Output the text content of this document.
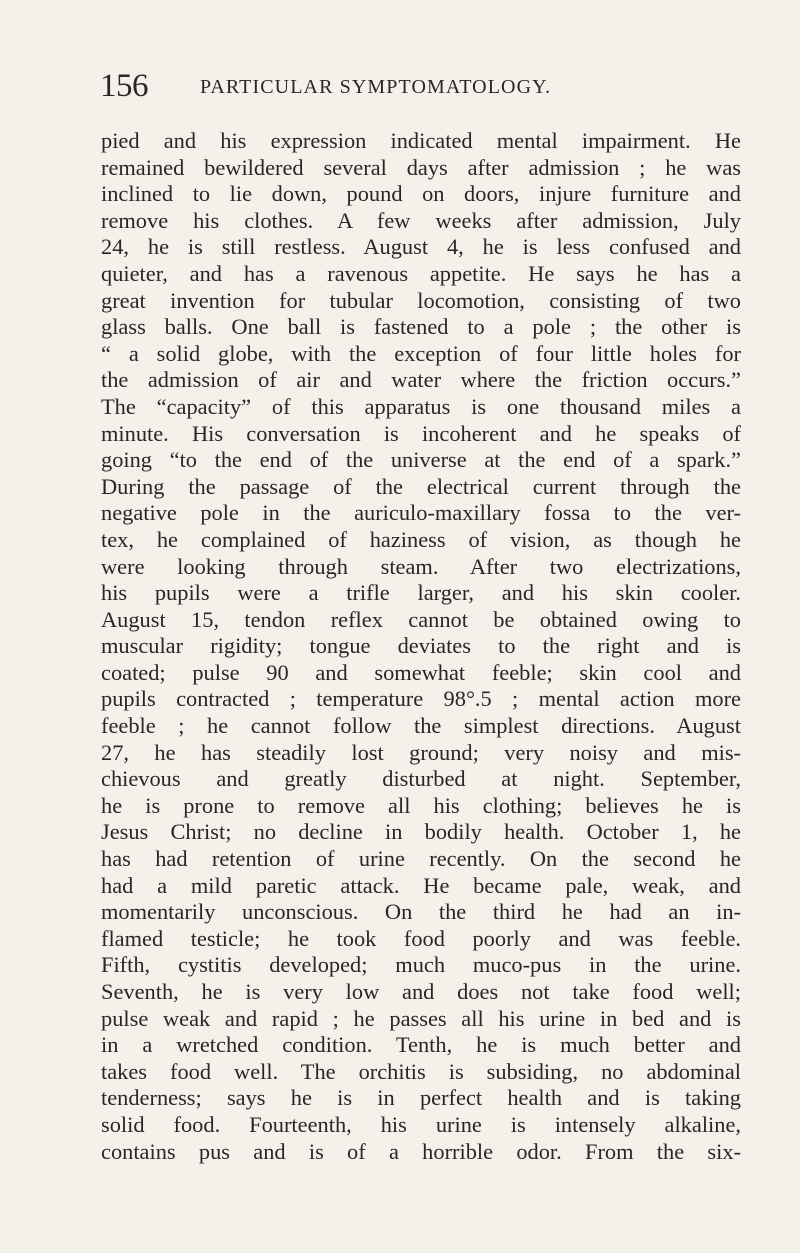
156	PARTICULAR SYMPTOMATOLOGY.
pied and his expression indicated mental impairment. He
remained bewildered several days after admission ; he was
inclined to lie down, pound on doors, injure furniture and
remove his clothes. A few weeks after admission, July
24, he is still restless. August 4, he is less confused and
quieter, and has a ravenous appetite. He says he has a
great invention for tubular locomotion, consisting of two
glass balls. One ball is fastened to a pole ; the other is
“ a solid globe, with the exception of four little holes for
the admission of air and water where the friction occurs.”
The “capacity” of this apparatus is one thousand miles a
minute. His conversation is incoherent and he speaks of
going “to the end of the universe at the end of a spark.”
During the passage of the electrical current through the
negative pole in the auriculo-maxillary fossa to the ver-
tex, he complained of haziness of vision, as though he
were looking through steam. After two electrizations,
his pupils were a trifle larger, and his skin cooler.
August 15, tendon reflex cannot be obtained owing to
muscular rigidity; tongue deviates to the right and is
coated; pulse 90 and somewhat feeble; skin cool and
pupils contracted ; temperature 98°.5 ; mental action more
feeble ; he cannot follow the simplest directions. August
27, he has steadily lost ground; very noisy and mis-
chievous and greatly disturbed at night. September,
he is prone to remove all his clothing; believes he is
Jesus Christ; no decline in bodily health. October 1, he
has had retention of urine recently. On the second he
had a mild paretic attack. He became pale, weak, and
momentarily unconscious. On the third he had an in-
flamed testicle; he took food poorly and was feeble.
Fifth, cystitis developed; much muco-pus in the urine.
Seventh, he is very low and does not take food well;
pulse weak and rapid ; he passes all his urine in bed and is
in a wretched condition. Tenth, he is much better and
takes food well. The orchitis is subsiding, no abdominal
tenderness; says he is in perfect health and is taking
solid food. Fourteenth, his urine is intensely alkaline,
contains pus and is of a horrible odor. From the six-
